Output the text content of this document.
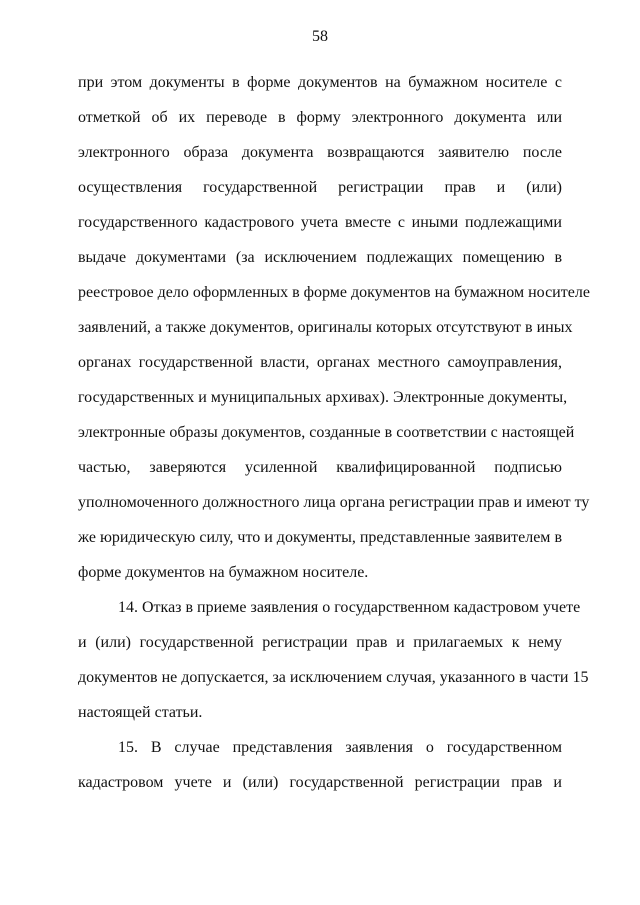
58
при этом документы в форме документов на бумажном носителе с
отметкой об их переводе в форму электронного документа или
электронного образа документа возвращаются заявителю после
осуществления государственной регистрации прав и (или)
государственного кадастрового учета вместе с иными подлежащими
выдаче документами (за исключением подлежащих помещению в
реестровое дело оформленных в форме документов на бумажном носителе
заявлений, а также документов, оригиналы которых отсутствуют в иных
органах государственной власти, органах местного самоуправления,
государственных и муниципальных архивах). Электронные документы,
электронные образы документов, созданные в соответствии с настоящей
частью, заверяются усиленной квалифицированной подписью
уполномоченного должностного лица органа регистрации прав и имеют ту
же юридическую силу, что и документы, представленные заявителем в
форме документов на бумажном носителе.
14. Отказ в приеме заявления о государственном кадастровом учете
и (или) государственной регистрации прав и прилагаемых к нему
документов не допускается, за исключением случая, указанного в части 15
настоящей статьи.
15. В случае представления заявления о государственном
кадастровом учете и (или) государственной регистрации прав и
